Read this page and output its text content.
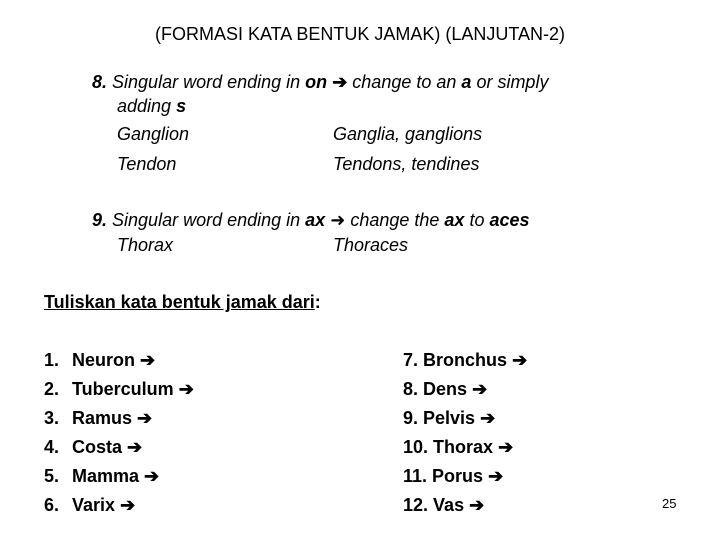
(FORMASI KATA BENTUK JAMAK) (LANJUTAN-2)
8. Singular word ending in on ➔ change to an a or simply
adding s
Ganglion	Ganglia, ganglions
Tendon	Tendons, tendines
9. Singular word ending in ax ➜ change the ax to aces
Thorax	Thoraces
Tuliskan kata bentuk jamak dari:
1. Neuron ➔
2. Tuberculum ➔
3. Ramus ➔
4. Costa ➔
5. Mamma ➔
6. Varix ➔
7. Bronchus ➔
8. Dens ➔
9. Pelvis ➔
10. Thorax ➔
11. Porus ➔
12. Vas ➔	25
